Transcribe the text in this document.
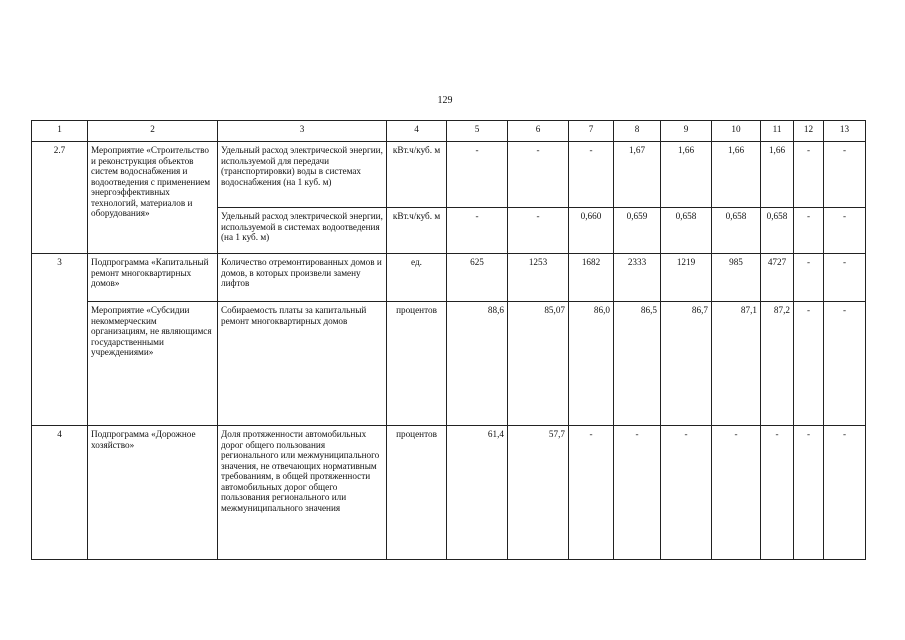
129
1	2	3	4	5	6	7	8	9	10	11	12	13
2.7	Мероприятие «Строительство и реконструкция объектов систем водоснабжения и водоотведения с применением энергоэффективных технологий, материалов и оборудования»	Удельный расход электрической энергии, используемой для передачи (транспортировки) воды в системах водоснабжения (на 1 куб. м)	кВт.ч/куб. м	-	-	-	1,67	1,66	1,66	1,66	-	-
		Удельный расход электрической энергии, используемой в системах водоотведения (на 1 куб. м)	кВт.ч/куб. м	-	-	0,660	0,659	0,658	0,658	0,658	-	-
3	Подпрограмма «Капитальный ремонт многоквартирных домов»	Количество отремонтированных домов и домов, в которых произвели замену лифтов	ед.	625	1253	1682	2333	1219	985	4727	-	-
	Мероприятие «Субсидии некоммерческим организациям, не являющимся государственными учреждениями»	Собираемость платы за капитальный ремонт многоквартирных домов	процентов	88,6	85,07	86,0	86,5	86,7	87,1	87,2	-	-
4	Подпрограмма «Дорожное хозяйство»	Доля протяженности автомобильных дорог общего пользования регионального или межмуниципального значения, не отвечающих нормативным требованиям, в общей протяженности автомобильных дорог общего пользования регионального или межмуниципального значения	процентов	61,4	57,7	-	-	-	-	-	-	-
